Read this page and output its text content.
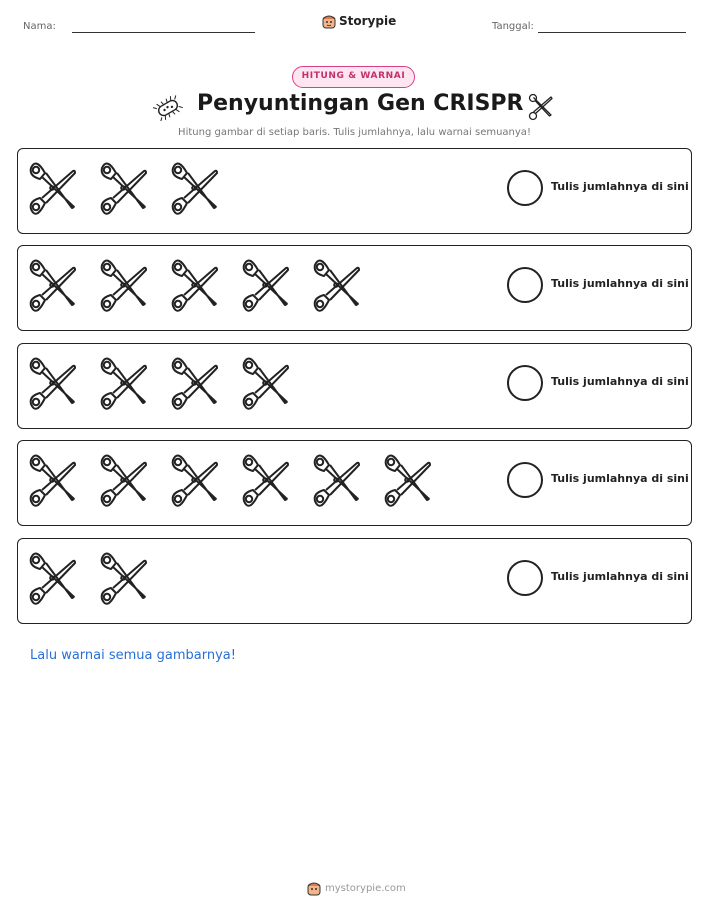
Nama:	Storypie	Tanggal:
HITUNG & WARNAI
Penyuntingan Gen CRISPR
Hitung gambar di setiap baris. Tulis jumlahnya, lalu warnai semuanya!
Tulis jumlahnya di sini
Tulis jumlahnya di sini
Tulis jumlahnya di sini
Tulis jumlahnya di sini
Tulis jumlahnya di sini
Lalu warnai semua gambarnya!
mystorypie.com
